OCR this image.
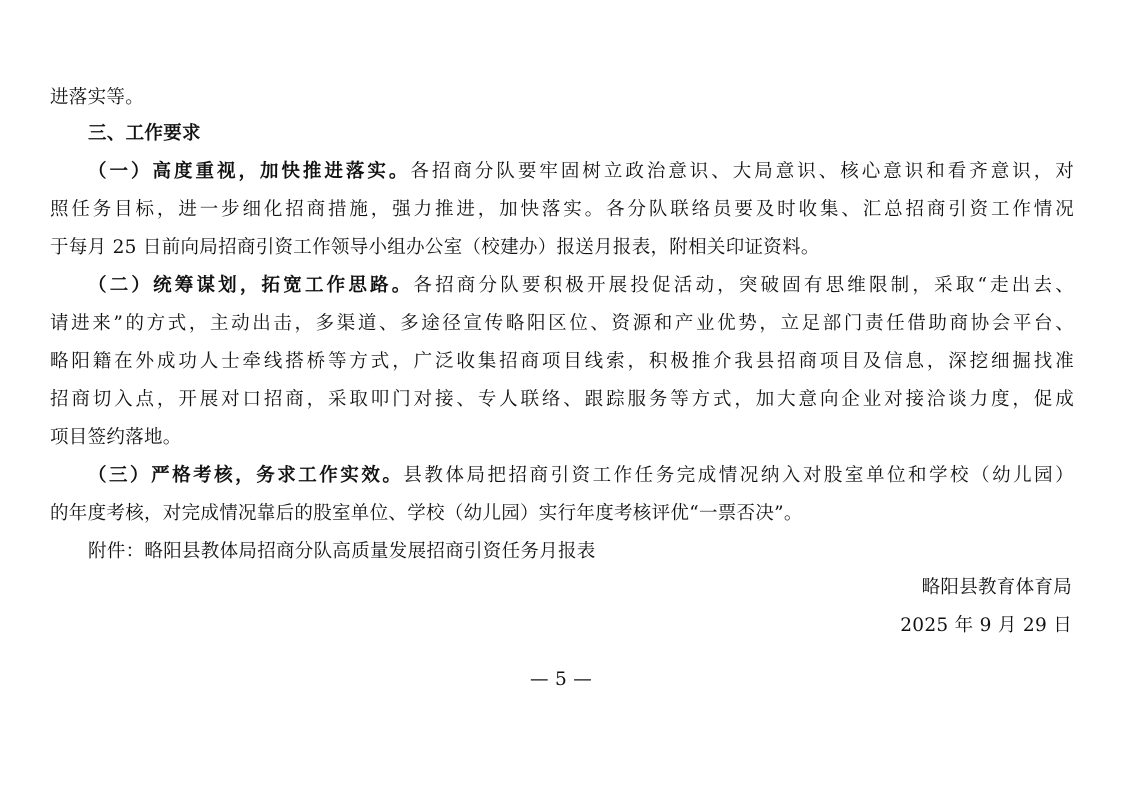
进落实等。
三、工作要求
（一）高度重视，加快推进落实。各招商分队要牢固树立政治意识、大局意识、核心意识和看齐意识，对
照任务目标，进一步细化招商措施，强力推进，加快落实。各分队联络员要及时收集、汇总招商引资工作情况
于每月 25 日前向局招商引资工作领导小组办公室（校建办）报送月报表，附相关印证资料。
（二）统筹谋划，拓宽工作思路。各招商分队要积极开展投促活动，突破固有思维限制，采取“走出去、
请进来”的方式，主动出击，多渠道、多途径宣传略阳区位、资源和产业优势，立足部门责任借助商协会平台、
略阳籍在外成功人士牵线搭桥等方式，广泛收集招商项目线索，积极推介我县招商项目及信息，深挖细掘找准
招商切入点，开展对口招商，采取叩门对接、专人联络、跟踪服务等方式，加大意向企业对接洽谈力度，促成
项目签约落地。
（三）严格考核，务求工作实效。县教体局把招商引资工作任务完成情况纳入对股室单位和学校（幼儿园）
的年度考核，对完成情况靠后的股室单位、学校（幼儿园）实行年度考核评优“一票否决”。
附件：略阳县教体局招商分队高质量发展招商引资任务月报表
略阳县教育体育局
2025 年 9 月 29 日
— 5 —
